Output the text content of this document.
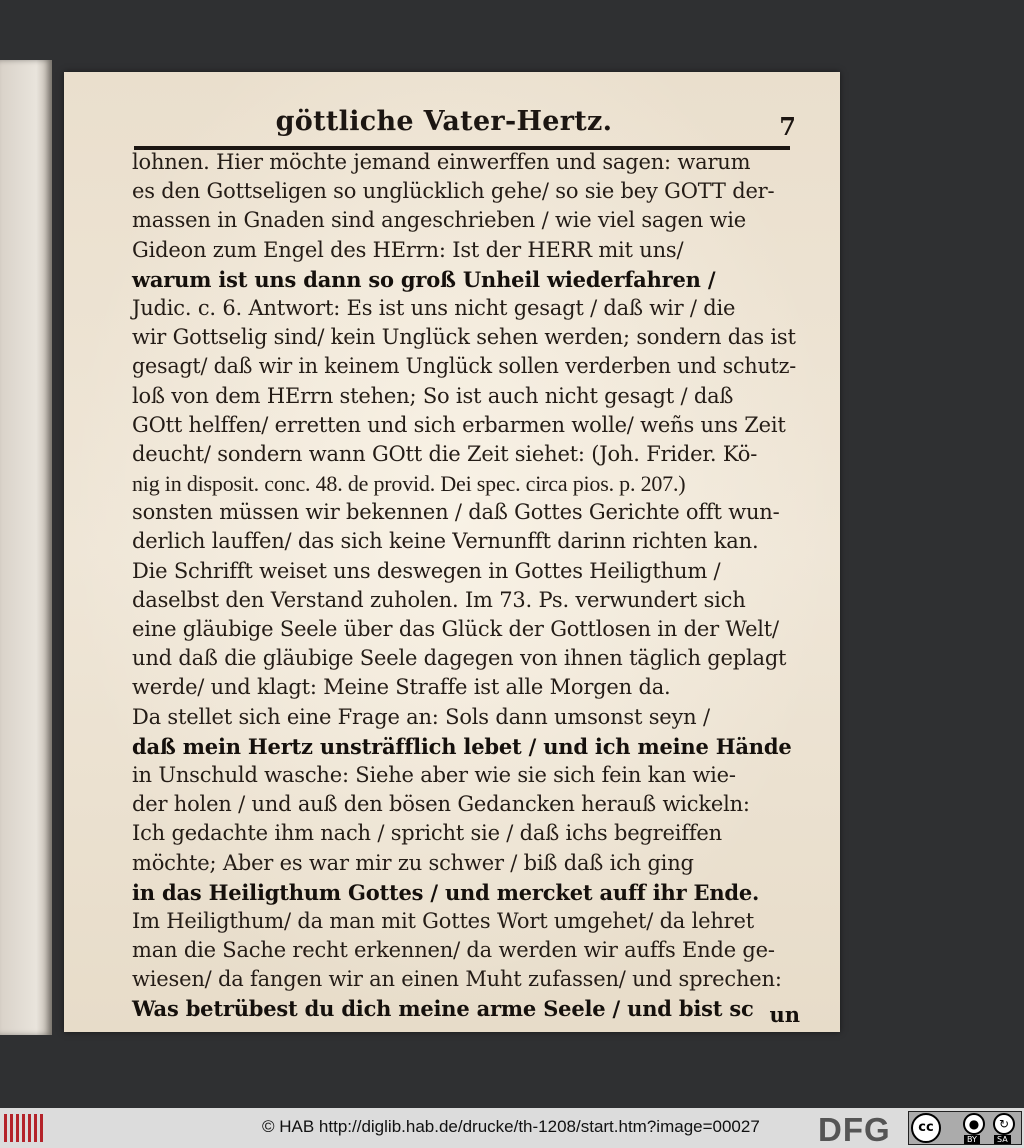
göttliche Vater-Hertz.	7
lohnen. Hier möchte jemand einwerffen und sagen: warum
es den Gottseligen so unglücklich gehe/ so sie bey GOTT der-
massen in Gnaden sind angeschrieben / wie viel sagen wie
Gideon zum Engel des HErrn: Ist der HERR mit uns/
warum ist uns dann so groß Unheil wiederfahren /
Judic. c. 6. Antwort: Es ist uns nicht gesagt / daß wir / die
wir Gottselig sind/ kein Unglück sehen werden; sondern das ist
gesagt/ daß wir in keinem Unglück sollen verderben und schutz-
loß von dem HErrn stehen; So ist auch nicht gesagt / daß
GOtt helffen/ erretten und sich erbarmen wolle/ weñs uns Zeit
deucht/ sondern wann GOtt die Zeit siehet: (Joh. Frider. Kö-
nig in disposit. conc. 48. de provid. Dei spec. circa pios. p. 207.)
sonsten müssen wir bekennen / daß Gottes Gerichte offt wun-
derlich lauffen/ das sich keine Vernunfft darinn richten kan.
Die Schrifft weiset uns deswegen in Gottes Heiligthum /
daselbst den Verstand zuholen. Im 73. Ps. verwundert sich
eine gläubige Seele über das Glück der Gottlosen in der Welt/
und daß die gläubige Seele dagegen von ihnen täglich geplagt
werde/ und klagt: Meine Straffe ist alle Morgen da.
Da stellet sich eine Frage an: Sols dann umsonst seyn /
daß mein Hertz unsträfflich lebet / und ich meine Hände
in Unschuld wasche: Siehe aber wie sie sich fein kan wie-
der holen / und auß den bösen Gedancken herauß wickeln:
Ich gedachte ihm nach / spricht sie / daß ichs begreiffen
möchte; Aber es war mir zu schwer / biß daß ich ging
in das Heiligthum Gottes / und mercket auff ihr Ende.
Im Heiligthum/ da man mit Gottes Wort umgehet/ da lehret
man die Sache recht erkennen/ da werden wir auffs Ende ge-
wiesen/ da fangen wir an einen Muht zufassen/ und sprechen:
Was betrübest du dich meine arme Seele / und bist sc un
© HAB http://diglib.hab.de/drucke/th-1208/start.htm?image=00027 DFG	cc	●	↻
BY	SA
